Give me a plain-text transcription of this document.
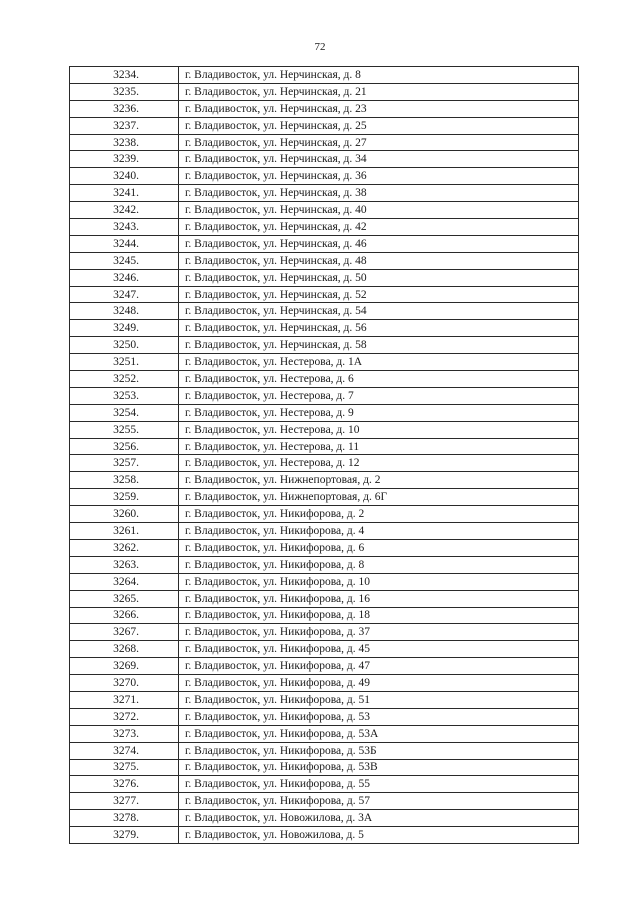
72
3234.	г. Владивосток, ул. Нерчинская, д. 8
3235.	г. Владивосток, ул. Нерчинская, д. 21
3236.	г. Владивосток, ул. Нерчинская, д. 23
3237.	г. Владивосток, ул. Нерчинская, д. 25
3238.	г. Владивосток, ул. Нерчинская, д. 27
3239.	г. Владивосток, ул. Нерчинская, д. 34
3240.	г. Владивосток, ул. Нерчинская, д. 36
3241.	г. Владивосток, ул. Нерчинская, д. 38
3242.	г. Владивосток, ул. Нерчинская, д. 40
3243.	г. Владивосток, ул. Нерчинская, д. 42
3244.	г. Владивосток, ул. Нерчинская, д. 46
3245.	г. Владивосток, ул. Нерчинская, д. 48
3246.	г. Владивосток, ул. Нерчинская, д. 50
3247.	г. Владивосток, ул. Нерчинская, д. 52
3248.	г. Владивосток, ул. Нерчинская, д. 54
3249.	г. Владивосток, ул. Нерчинская, д. 56
3250.	г. Владивосток, ул. Нерчинская, д. 58
3251.	г. Владивосток, ул. Нестерова, д. 1А
3252.	г. Владивосток, ул. Нестерова, д. 6
3253.	г. Владивосток, ул. Нестерова, д. 7
3254.	г. Владивосток, ул. Нестерова, д. 9
3255.	г. Владивосток, ул. Нестерова, д. 10
3256.	г. Владивосток, ул. Нестерова, д. 11
3257.	г. Владивосток, ул. Нестерова, д. 12
3258.	г. Владивосток, ул. Нижнепортовая, д. 2
3259.	г. Владивосток, ул. Нижнепортовая, д. 6Г
3260.	г. Владивосток, ул. Никифорова, д. 2
3261.	г. Владивосток, ул. Никифорова, д. 4
3262.	г. Владивосток, ул. Никифорова, д. 6
3263.	г. Владивосток, ул. Никифорова, д. 8
3264.	г. Владивосток, ул. Никифорова, д. 10
3265.	г. Владивосток, ул. Никифорова, д. 16
3266.	г. Владивосток, ул. Никифорова, д. 18
3267.	г. Владивосток, ул. Никифорова, д. 37
3268.	г. Владивосток, ул. Никифорова, д. 45
3269.	г. Владивосток, ул. Никифорова, д. 47
3270.	г. Владивосток, ул. Никифорова, д. 49
3271.	г. Владивосток, ул. Никифорова, д. 51
3272.	г. Владивосток, ул. Никифорова, д. 53
3273.	г. Владивосток, ул. Никифорова, д. 53А
3274.	г. Владивосток, ул. Никифорова, д. 53Б
3275.	г. Владивосток, ул. Никифорова, д. 53В
3276.	г. Владивосток, ул. Никифорова, д. 55
3277.	г. Владивосток, ул. Никифорова, д. 57
3278.	г. Владивосток, ул. Новожилова, д. 3А
3279.	г. Владивосток, ул. Новожилова, д. 5
